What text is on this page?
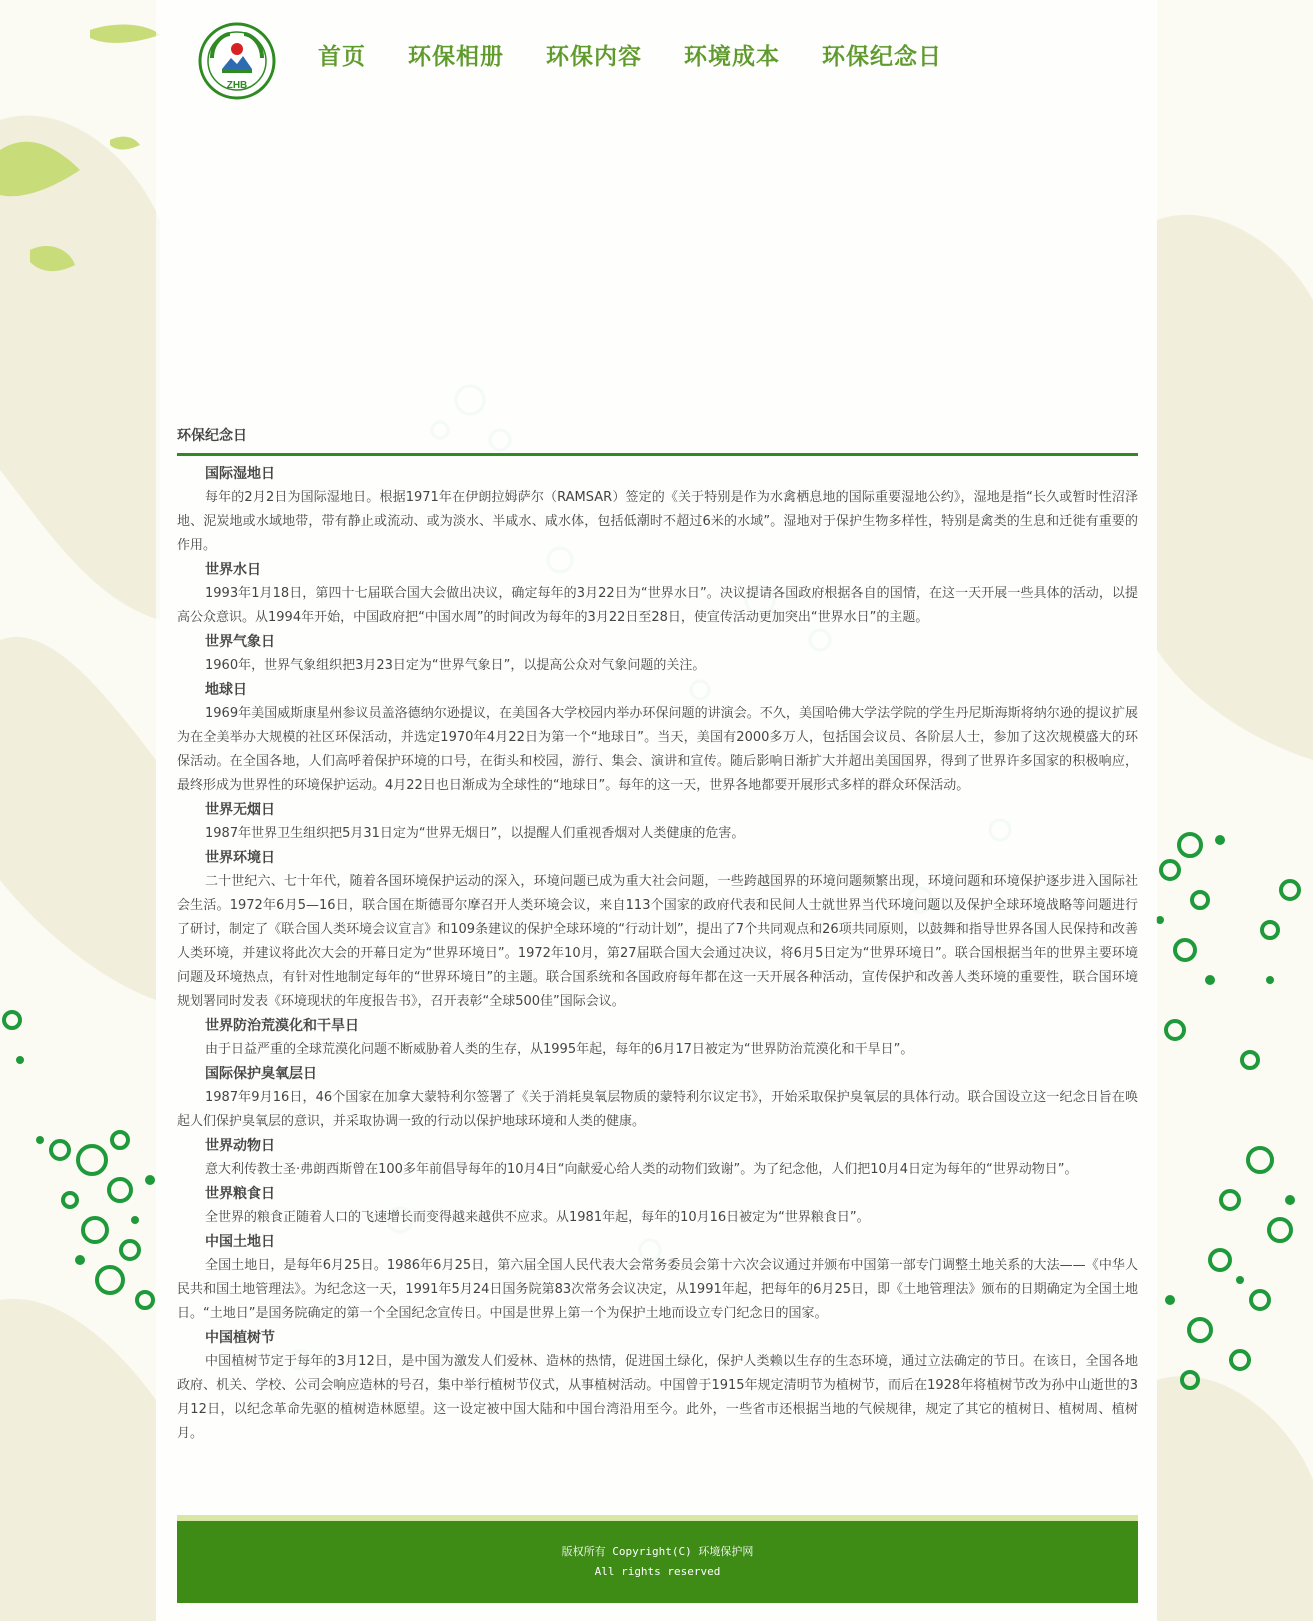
ZHB
首页 环保相册 环保内容 环境成本 环保纪念日
环保纪念日
国际湿地日

每年的2月2日为国际湿地日。根据1971年在伊朗拉姆萨尔（RAMSAR）签定的《关于特别是作为水禽栖息地的国际重要湿地公约》，湿地是指“长久或暂时性沼泽地、泥炭地或水域地带，带有静止或流动、或为淡水、半咸水、咸水体，包括低潮时不超过6米的水域”。湿地对于保护生物多样性，特别是禽类的生息和迁徙有重要的作用。

世界水日

1993年1月18日，第四十七届联合国大会做出决议，确定每年的3月22日为“世界水日”。决议提请各国政府根据各自的国情，在这一天开展一些具体的活动，以提高公众意识。从1994年开始，中国政府把“中国水周”的时间改为每年的3月22日至28日，使宣传活动更加突出“世界水日”的主题。

世界气象日

1960年，世界气象组织把3月23日定为“世界气象日”，以提高公众对气象问题的关注。

地球日

1969年美国威斯康星州参议员盖洛德纳尔逊提议，在美国各大学校园内举办环保问题的讲演会。不久，美国哈佛大学法学院的学生丹尼斯海斯将纳尔逊的提议扩展为在全美举办大规模的社区环保活动，并选定1970年4月22日为第一个“地球日”。当天，美国有2000多万人，包括国会议员、各阶层人士，参加了这次规模盛大的环保活动。在全国各地，人们高呼着保护环境的口号，在街头和校园，游行、集会、演讲和宣传。随后影响日渐扩大并超出美国国界，得到了世界许多国家的积极响应，最终形成为世界性的环境保护运动。4月22日也日渐成为全球性的“地球日”。每年的这一天，世界各地都要开展形式多样的群众环保活动。

世界无烟日

1987年世界卫生组织把5月31日定为“世界无烟日”，以提醒人们重视香烟对人类健康的危害。

世界环境日

二十世纪六、七十年代，随着各国环境保护运动的深入，环境问题已成为重大社会问题，一些跨越国界的环境问题频繁出现，环境问题和环境保护逐步进入国际社会生活。1972年6月5—16日，联合国在斯德哥尔摩召开人类环境会议，来自113个国家的政府代表和民间人士就世界当代环境问题以及保护全球环境战略等问题进行了研讨，制定了《联合国人类环境会议宣言》和109条建议的保护全球环境的“行动计划”，提出了7个共同观点和26项共同原则，以鼓舞和指导世界各国人民保持和改善人类环境，并建议将此次大会的开幕日定为“世界环境日”。1972年10月，第27届联合国大会通过决议，将6月5日定为“世界环境日”。联合国根据当年的世界主要环境问题及环境热点，有针对性地制定每年的“世界环境日”的主题。联合国系统和各国政府每年都在这一天开展各种活动，宣传保护和改善人类环境的重要性，联合国环境规划署同时发表《环境现状的年度报告书》，召开表彰“全球500佳”国际会议。

世界防治荒漠化和干旱日

由于日益严重的全球荒漠化问题不断威胁着人类的生存，从1995年起，每年的6月17日被定为“世界防治荒漠化和干旱日”。

国际保护臭氧层日

1987年9月16日，46个国家在加拿大蒙特利尔签署了《关于消耗臭氧层物质的蒙特利尔议定书》，开始采取保护臭氧层的具体行动。联合国设立这一纪念日旨在唤起人们保护臭氧层的意识，并采取协调一致的行动以保护地球环境和人类的健康。

世界动物日

意大利传教士圣·弗朗西斯曾在100多年前倡导每年的10月4日“向献爱心给人类的动物们致谢”。为了纪念他，人们把10月4日定为每年的“世界动物日”。

世界粮食日

全世界的粮食正随着人口的飞速增长而变得越来越供不应求。从1981年起，每年的10月16日被定为“世界粮食日”。

中国土地日

全国土地日，是每年6月25日。1986年6月25日，第六届全国人民代表大会常务委员会第十六次会议通过并颁布中国第一部专门调整土地关系的大法——《中华人民共和国土地管理法》。为纪念这一天，1991年5月24日国务院第83次常务会议决定，从1991年起，把每年的6月25日，即《土地管理法》颁布的日期确定为全国土地日。“土地日”是国务院确定的第一个全国纪念宣传日。中国是世界上第一个为保护土地而设立专门纪念日的国家。

中国植树节

中国植树节定于每年的3月12日，是中国为激发人们爱林、造林的热情，促进国土绿化，保护人类赖以生存的生态环境，通过立法确定的节日。在该日，全国各地政府、机关、学校、公司会响应造林的号召，集中举行植树节仪式，从事植树活动。中国曾于1915年规定清明节为植树节，而后在1928年将植树节改为孙中山逝世的3月12日，以纪念革命先驱的植树造林愿望。这一设定被中国大陆和中国台湾沿用至今。此外，一些省市还根据当地的气候规律，规定了其它的植树日、植树周、植树月。

版权所有 Copyright(C) 环境保护网
All rights reserved
